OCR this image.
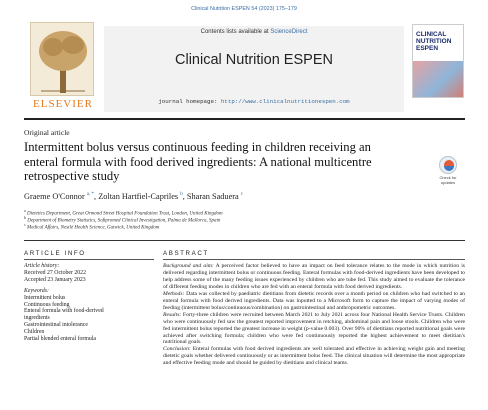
Clinical Nutrition ESPEN 54 (2023) 175–179
ELSEVIER
Contents lists available at ScienceDirect
Clinical Nutrition ESPEN
journal homepage: http://www.clinicalnutritionespen.com
CLINICAL NUTRITION ESPEN
Original article
Intermittent bolus versus continuous feeding in children receiving an enteral formula with food derived ingredients: A national multicentre retrospective study	Check for updates
Graeme O'Connor $^{a, *}$, Zoltan Hartfiel-Capriles $^b$, Sharan Saduera $^c$
$^a$ Dietetics Department, Great Ormond Street Hospital Foundation Trust, London, United Kingdom
$^b$ Department of Biometry Statistics, Softpromed Clinical Investigation, Palma de Mallorca, Spain
$^c$ Medical Affairs, Nestlé Health Science, Gatwick, United Kingdom
ARTICLE INFO	ABSTRACT
Article history:
Received 27 October 2022
Accepted 23 January 2023
Keywords:
Intermittent bolus
Continuous feeding
Enteral formula with food-derived
ingredients
Gastrointestinal intolerance
Children
Partial blended enteral formula

Background and aim: A perceived factor believed to have an impact on feed tolerance relates to the mode in which nutrition is delivered regarding intermittent bolus or continuous feeding. Enteral formulas with food-derived ingredients have been developed to help address some of the many feeding issues experienced by children who are tube fed. This study aimed to evaluate the tolerance of different feeding modes in children who are fed with an enteral formula with food derived ingredients.

Methods: Data was collected by paediatric dietitians from dietetic records over a month period on children who had switched to an enteral formula with food derived ingredients. Data was inputted to a Microsoft form to capture the impact of varying modes of feeding (intermittent bolus/continuous/combination) on gastrointestinal and anthropometric outcomes.

Results: Forty-three children were recruited between March 2021 to July 2021 across four National Health Service Trusts. Children who were continuously fed saw the greatest reported improvement in retching, abdominal pain and loose stools. Children who were fed intermittent bolus reported the greatest increase in weight (p-value 0.003). Over 90% of dietitians reported nutritional goals were achieved after switching formula; children who were fed continuously reported the highest achievement to meet dietitian's nutritional goals.

Conclusion: Enteral formulas with food derived ingredients are well tolerated and effective in achieving weight gain and meeting dietetic goals whether delivered continuously or as intermittent bolus feed. The clinical situation will determine the most appropriate and effective feeding mode and should be guided by dietitians and clinical teams.
